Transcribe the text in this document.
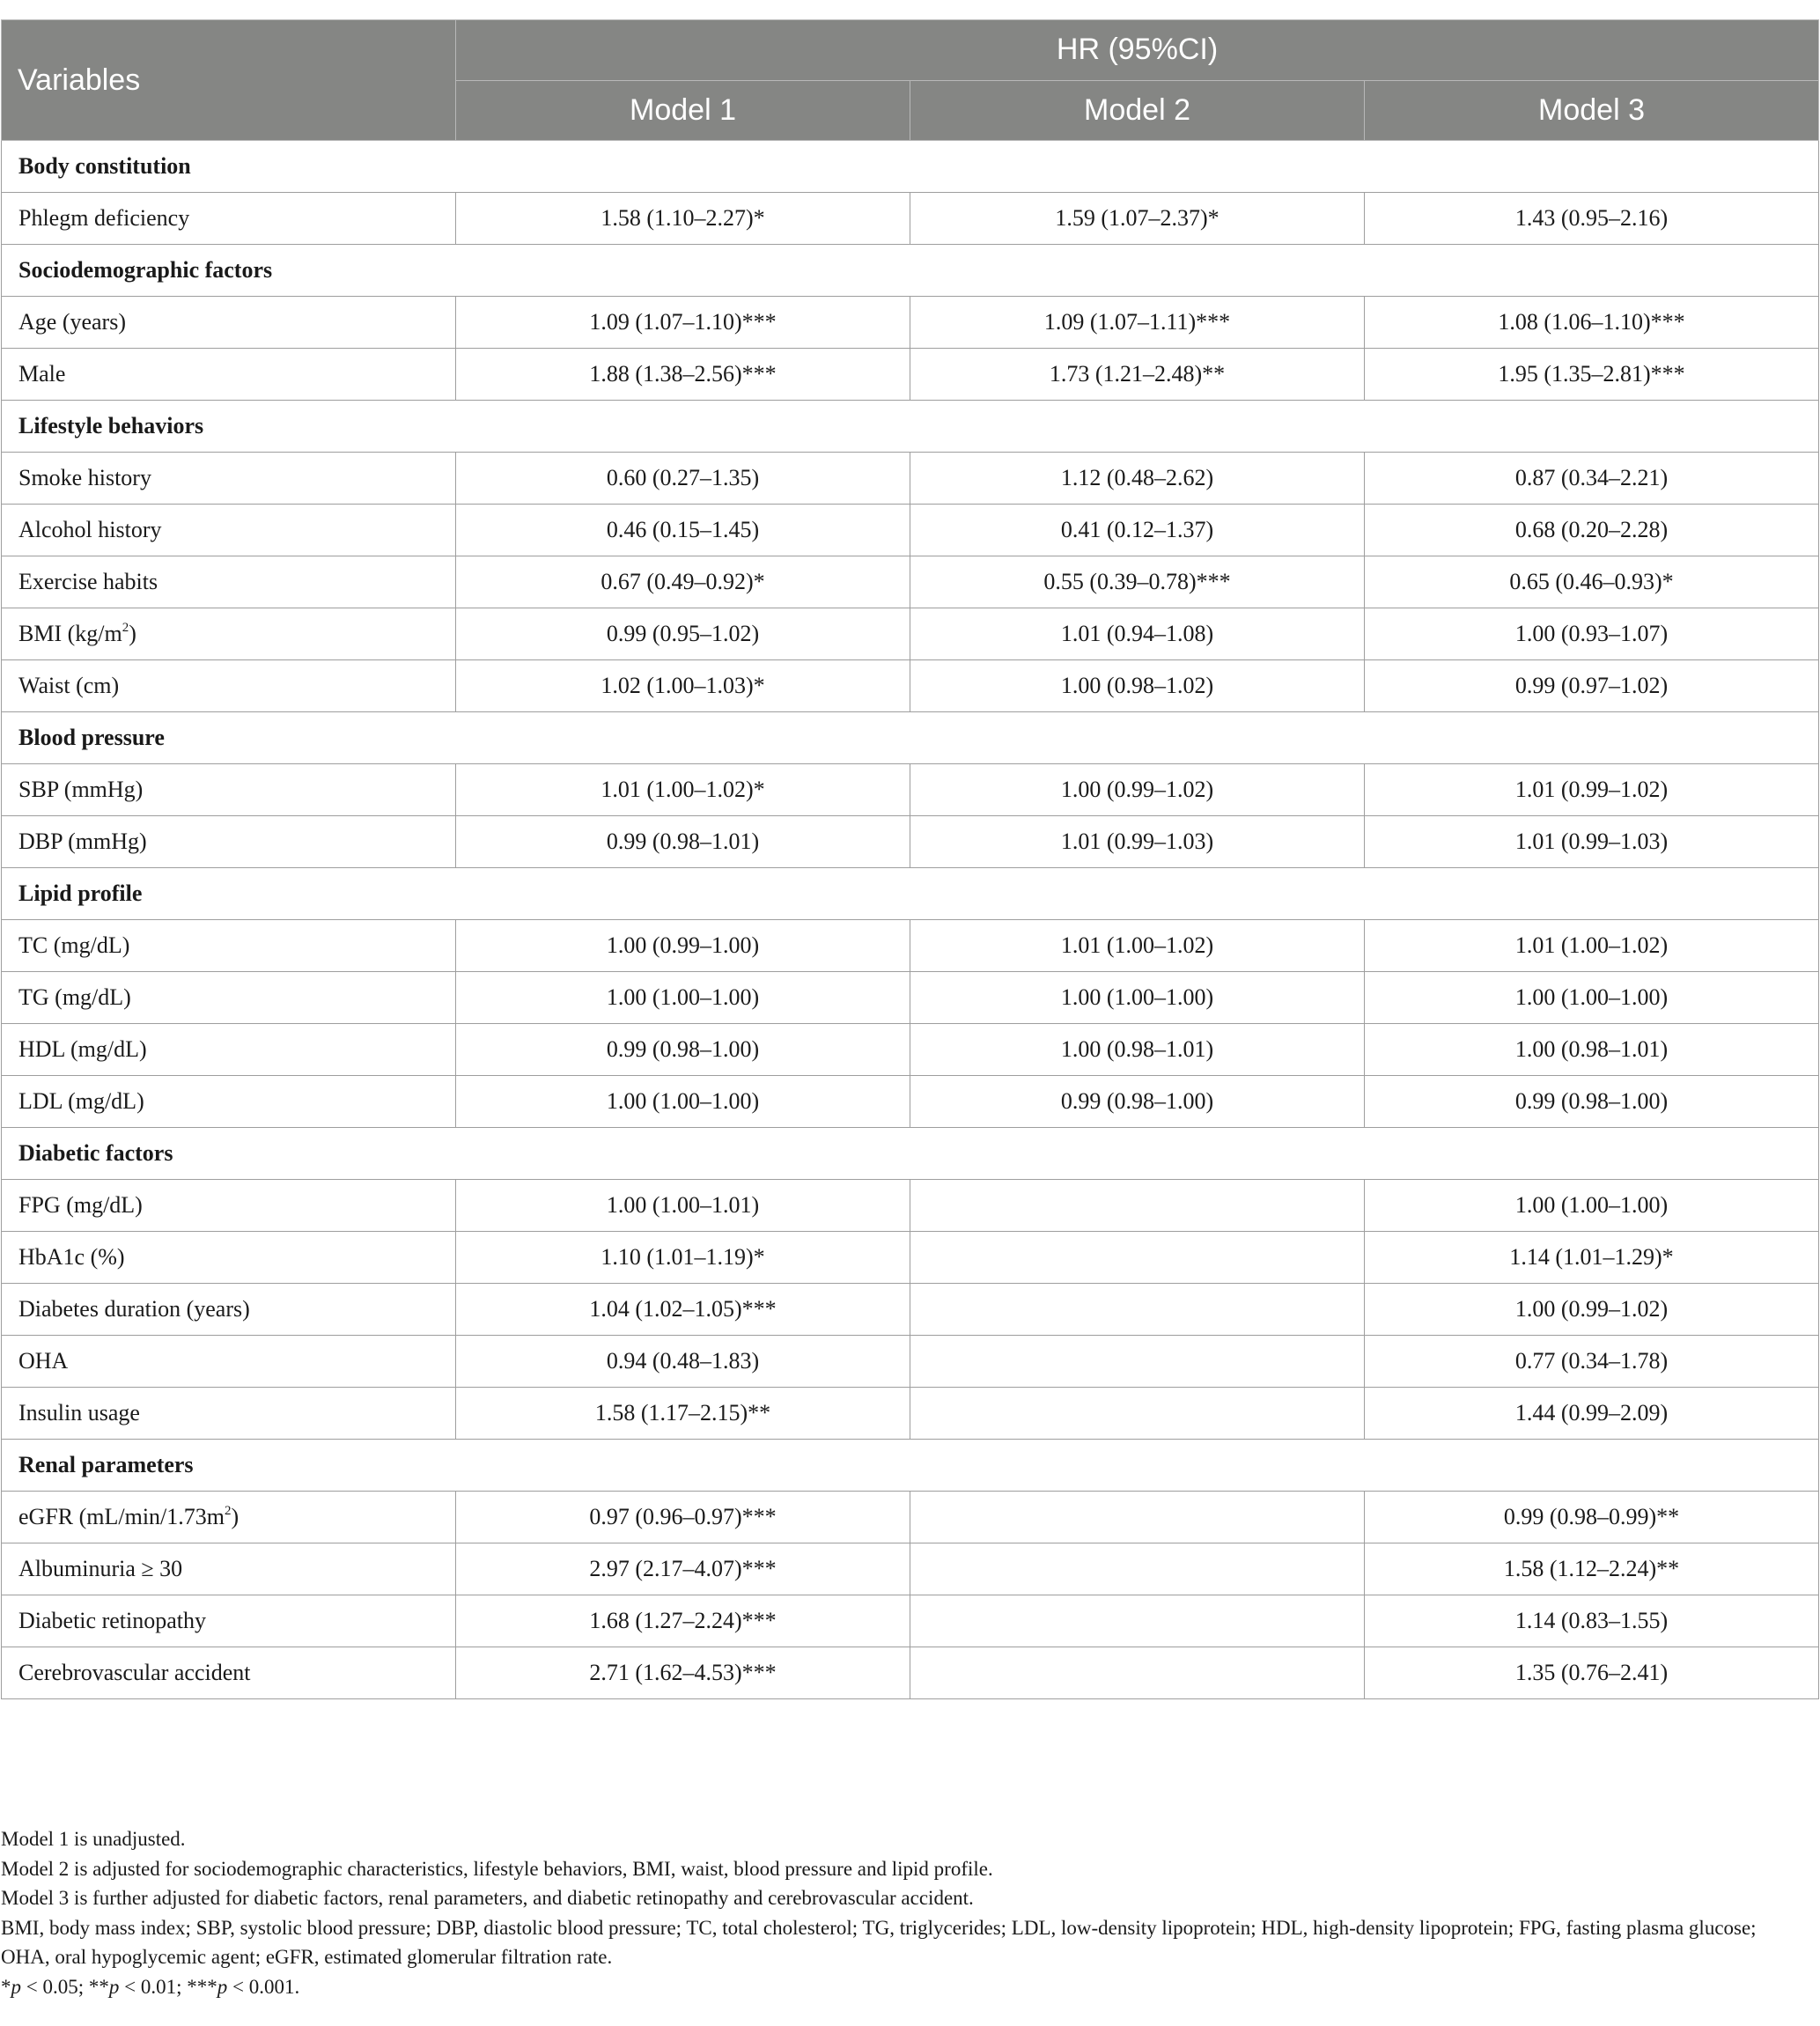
Variables	HR (95%CI)		
	Model 1	Model 2	Model 3
Body constitution			
Phlegm deficiency	1.58 (1.10–2.27)*	1.59 (1.07–2.37)*	1.43 (0.95–2.16)
Sociodemographic factors			
Age (years)	1.09 (1.07–1.10)***	1.09 (1.07–1.11)***	1.08 (1.06–1.10)***
Male	1.88 (1.38–2.56)***	1.73 (1.21–2.48)**	1.95 (1.35–2.81)***
Lifestyle behaviors			
Smoke history	0.60 (0.27–1.35)	1.12 (0.48–2.62)	0.87 (0.34–2.21)
Alcohol history	0.46 (0.15–1.45)	0.41 (0.12–1.37)	0.68 (0.20–2.28)
Exercise habits	0.67 (0.49–0.92)*	0.55 (0.39–0.78)***	0.65 (0.46–0.93)*
BMI $(kg/m^2)$	0.99 (0.95–1.02)	1.01 (0.94–1.08)	1.00 (0.93–1.07)
Waist (cm)	1.02 (1.00–1.03)*	1.00 (0.98–1.02)	0.99 (0.97–1.02)
Blood pressure			
SBP (mmHg)	1.01 (1.00–1.02)*	1.00 (0.99–1.02)	1.01 (0.99–1.02)
DBP (mmHg)	0.99 (0.98–1.01)	1.01 (0.99–1.03)	1.01 (0.99–1.03)
Lipid profile			
TC (mg/dL)	1.00 (0.99–1.00)	1.01 (1.00–1.02)	1.01 (1.00–1.02)
TG (mg/dL)	1.00 (1.00–1.00)	1.00 (1.00–1.00)	1.00 (1.00–1.00)
HDL (mg/dL)	0.99 (0.98–1.00)	1.00 (0.98–1.01)	1.00 (0.98–1.01)
LDL (mg/dL)	1.00 (1.00–1.00)	0.99 (0.98–1.00)	0.99 (0.98–1.00)
Diabetic factors			
FPG (mg/dL)	1.00 (1.00–1.01)		1.00 (1.00–1.00)
HbA1c (%)	1.10 (1.01–1.19)*		1.14 (1.01–1.29)*
Diabetes duration (years)	1.04 (1.02–1.05)***		1.00 (0.99–1.02)
OHA	0.94 (0.48–1.83)		0.77 (0.34–1.78)
Insulin usage	1.58 (1.17–2.15)**		1.44 (0.99–2.09)
Renal parameters			
eGFR $(mL/\min/1.73m^2)$	0.97 (0.96–0.97)***		0.99 (0.98–0.99)**
Albuminuria ≥ 30	2.97 (2.17–4.07)***		1.58 (1.12–2.24)**
Diabetic retinopathy	1.68 (1.27–2.24)***		1.14 (0.83–1.55)
Cerebrovascular accident	2.71 (1.62–4.53)***		1.35 (0.76–2.41)

Model 1 is unadjusted.

Model 2 is adjusted for sociodemographic characteristics, lifestyle behaviors, BMI, waist, blood pressure and lipid profile.

Model 3 is further adjusted for diabetic factors, renal parameters, and diabetic retinopathy and cerebrovascular accident.

BMI, body mass index; SBP, systolic blood pressure; DBP, diastolic blood pressure; TC, total cholesterol; TG, triglycerides; LDL, low-density lipoprotein; HDL, high-density lipoprotein; FPG, fasting plasma glucose; OHA, oral hypoglycemic agent; eGFR, estimated glomerular filtration rate.

*p < 0.05; **p < 0.01; ***p < 0.001.
